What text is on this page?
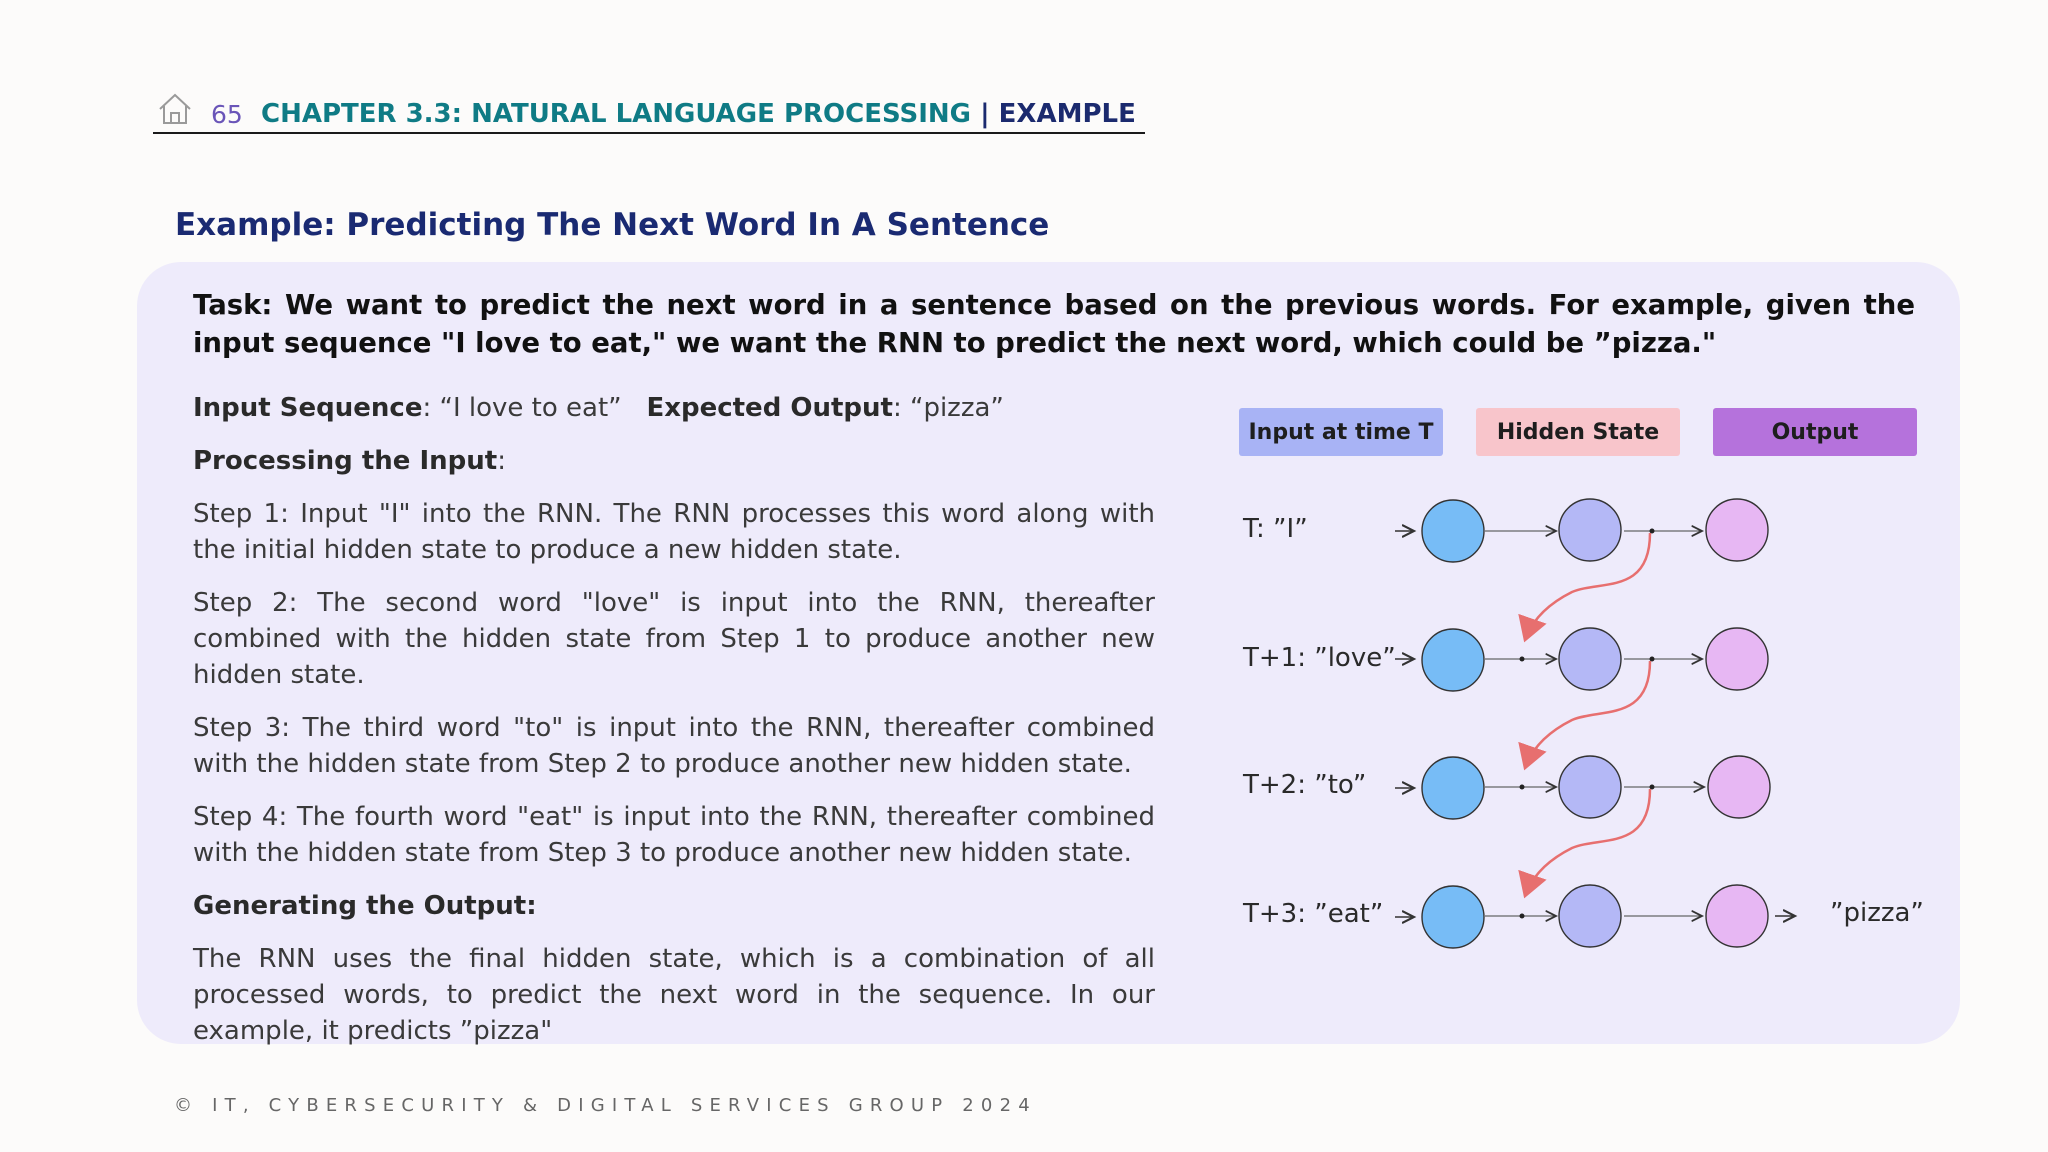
65 CHAPTER 3.3: NATURAL LANGUAGE PROCESSING | EXAMPLE
Example: Predicting The Next Word In A Sentence
Task: We want to predict the next word in a sentence based on the previous words. For example, given the input sequence "I love to eat," we want the RNN to predict the next word, which could be ”pizza."

Input Sequence: “I love to eat” Expected Output: “pizza”

Processing the Input:

Step 1: Input "I" into the RNN. The RNN processes this word along with the initial hidden state to produce a new hidden state.

Step 2: The second word "love" is input into the RNN, thereafter combined with the hidden state from Step 1 to produce another new hidden state.

Step 3: The third word "to" is input into the RNN, thereafter combined with the hidden state from Step 2 to produce another new hidden state.

Step 4: The fourth word "eat" is input into the RNN, thereafter combined with the hidden state from Step 3 to produce another new hidden state.

Generating the Output:

The RNN uses the final hidden state, which is a combination of all processed words, to predict the next word in the sequence. In our example, it predicts ”pizza"

Input at time T	Hidden State	Output
T: ”I”
T+1: ”love”
T+2: ”to”
T+3: ”eat”	”pizza”
© IT, CYBERSECURITY & DIGITAL SERVICES GROUP 2024
